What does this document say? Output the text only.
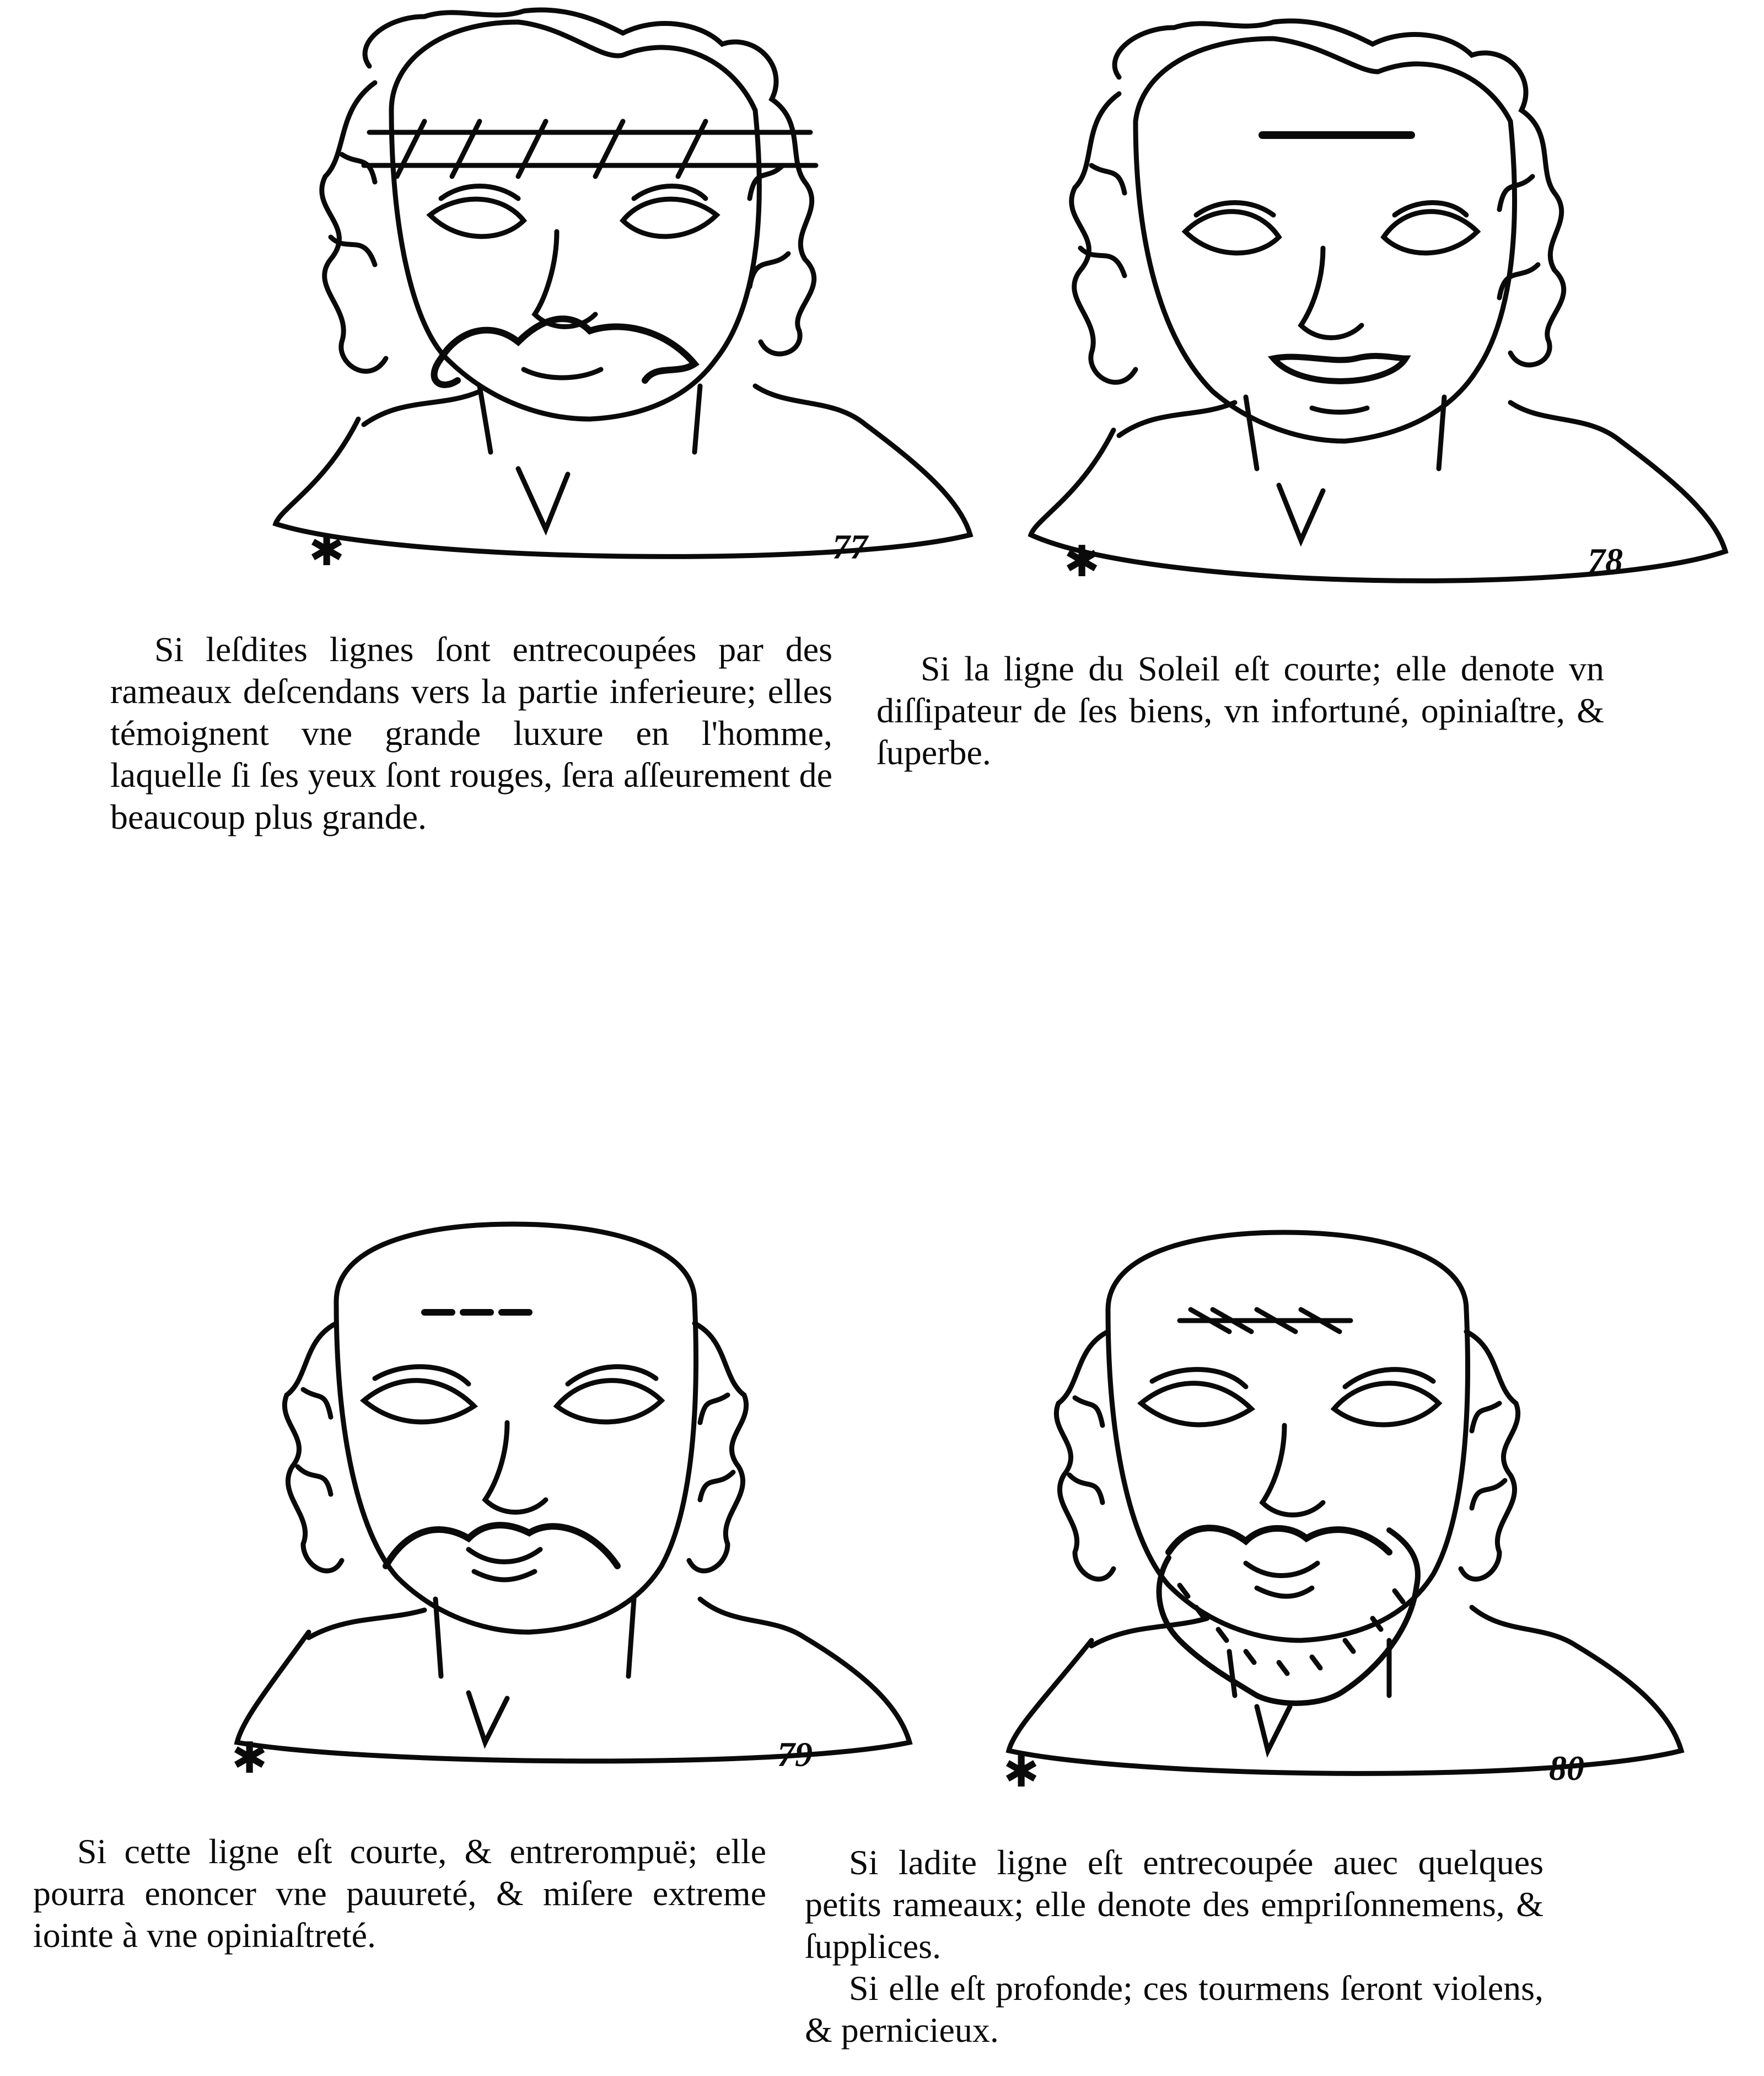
✱	77	✱	78
✱	79	✱	80

Si leſdites lignes ſont entrecoupées par des rameaux deſcendans vers la partie inferieure; elles témoignent vne grande luxure en l'homme, laquelle ſi ſes yeux ſont rouges, ſera aſſeurement de beaucoup plus grande.

Si la ligne du Soleil eſt courte; elle denote vn diſſipateur de ſes biens, vn infortuné, opiniaſtre, & ſuperbe.

Si cette ligne eſt courte, & entrerompuë; elle pourra enoncer vne pauureté, & miſere extreme iointe à vne opiniaſtreté.

Si ladite ligne eſt entrecoupée auec quelques petits rameaux; elle denote des empriſonnemens, & ſupplices.

Si elle eſt profonde; ces tourmens ſeront violens, & pernicieux.
